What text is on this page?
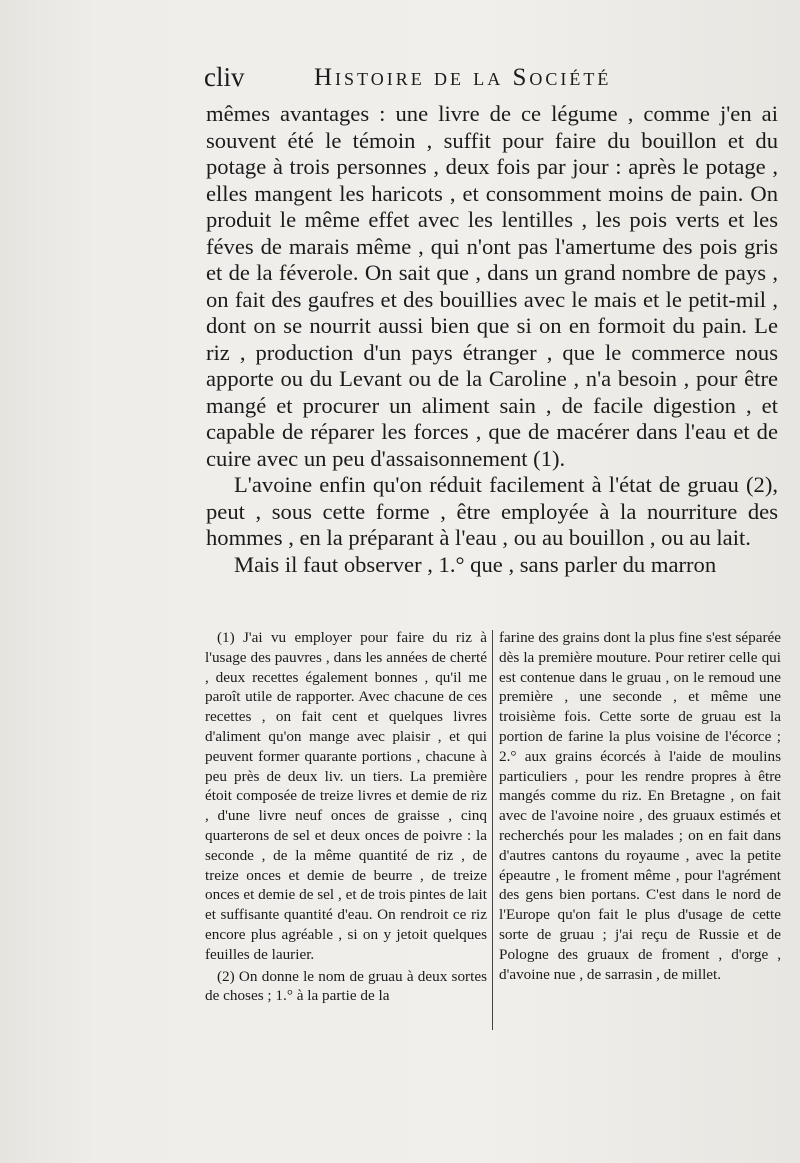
cliv	Histoire de la Société

mêmes avantages : une livre de ce légume , comme j'en ai souvent été le témoin , suffit pour faire du bouillon et du potage à trois personnes , deux fois par jour : après le potage , elles mangent les haricots , et consomment moins de pain. On produit le même effet avec les lentilles , les pois verts et les féves de marais même , qui n'ont pas l'amertume des pois gris et de la féverole. On sait que , dans un grand nombre de pays , on fait des gaufres et des bouillies avec le mais et le petit-mil , dont on se nourrit aussi bien que si on en formoit du pain. Le riz , production d'un pays étranger , que le commerce nous apporte ou du Levant ou de la Caroline , n'a besoin , pour être mangé et procurer un aliment sain , de facile digestion , et capable de réparer les forces , que de macérer dans l'eau et de cuire avec un peu d'assaisonnement (1).

L'avoine enfin qu'on réduit facilement à l'état de gruau (2), peut , sous cette forme , être employée à la nourriture des hommes , en la préparant à l'eau , ou au bouillon , ou au lait.

Mais il faut observer , 1.° que , sans parler du marron

(1) J'ai vu employer pour faire du riz à l'usage des pauvres , dans les années de cherté , deux recettes également bonnes , qu'il me paroît utile de rapporter. Avec chacune de ces recettes , on fait cent et quelques livres d'aliment qu'on mange avec plaisir , et qui peuvent former quarante portions , chacune à peu près de deux liv. un tiers. La première étoit composée de treize livres et demie de riz , d'une livre neuf onces de graisse , cinq quarterons de sel et deux onces de poivre : la seconde , de la même quantité de riz , de treize onces et demie de beurre , de treize onces et demie de sel , et de trois pintes de lait et suffisante quantité d'eau. On rendroit ce riz encore plus agréable , si on y jetoit quelques feuilles de laurier.

(2) On donne le nom de gruau à deux sortes de choses ; 1.° à la partie de la

farine des grains dont la plus fine s'est séparée dès la première mouture. Pour retirer celle qui est contenue dans le gruau , on le remoud une première , une seconde , et même une troisième fois. Cette sorte de gruau est la portion de farine la plus voisine de l'écorce ; 2.° aux grains écorcés à l'aide de moulins particuliers , pour les rendre propres à être mangés comme du riz. En Bretagne , on fait avec de l'avoine noire , des gruaux estimés et recherchés pour les malades ; on en fait dans d'autres cantons du royaume , avec la petite épeautre , le froment même , pour l'agrément des gens bien portans. C'est dans le nord de l'Europe qu'on fait le plus d'usage de cette sorte de gruau ; j'ai reçu de Russie et de Pologne des gruaux de froment , d'orge , d'avoine nue , de sarrasin , de millet.
